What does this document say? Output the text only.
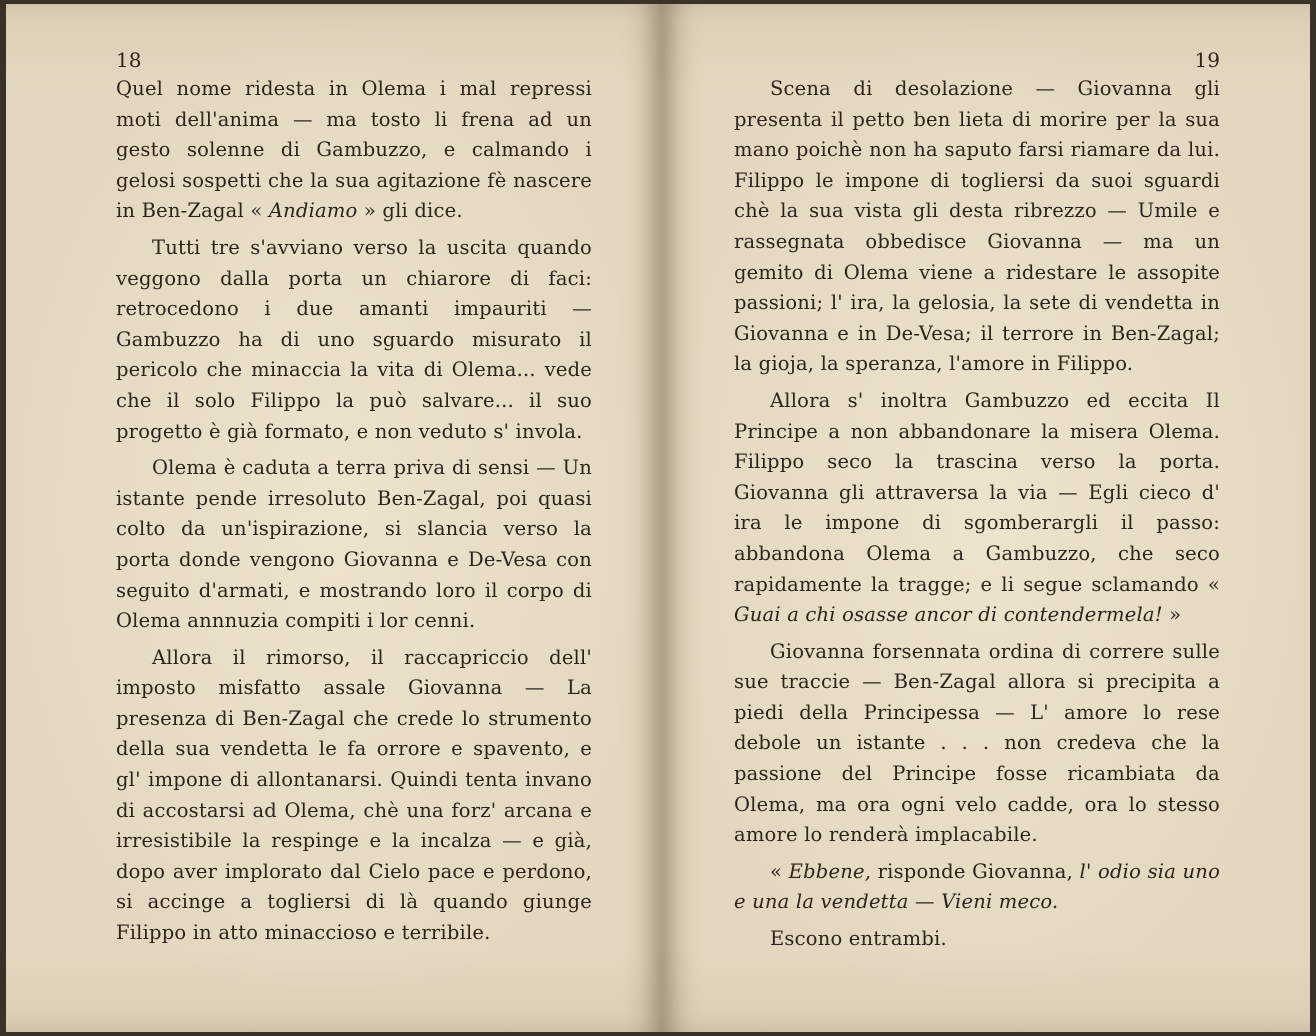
18

Quel nome ridesta in Olema i mal repressi moti dell'anima — ma tosto li frena ad un gesto solenne di Gambuzzo, e calmando i gelosi sospetti che la sua agitazione fè nascere in Ben-Zagal « Andiamo » gli dice.

Tutti tre s'avviano verso la uscita quando veggono dalla porta un chiarore di faci: retrocedono i due amanti impauriti — Gambuzzo ha di uno sguardo misurato il pericolo che minaccia la vita di Olema... vede che il solo Filippo la può salvare... il suo progetto è già formato, e non veduto s' invola.

Olema è caduta a terra priva di sensi — Un istante pende irresoluto Ben-Zagal, poi quasi colto da un'ispirazione, si slancia verso la porta donde vengono Giovanna e De-Vesa con seguito d'armati, e mostrando loro il corpo di Olema annnuzia compiti i lor cenni.

Allora il rimorso, il raccapriccio dell' imposto misfatto assale Giovanna — La presenza di Ben-Zagal che crede lo strumento della sua vendetta le fa orrore e spavento, e gl' impone di allontanarsi. Quindi tenta invano di accostarsi ad Olema, chè una forz' arcana e irresistibile la respinge e la incalza — e già, dopo aver implorato dal Cielo pace e perdono, si accinge a togliersi di là quando giunge Filippo in atto minaccioso e terribile.

19

Scena di desolazione — Giovanna gli presenta il petto ben lieta di morire per la sua mano poichè non ha saputo farsi riamare da lui. Filippo le impone di togliersi da suoi sguardi chè la sua vista gli desta ribrezzo — Umile e rassegnata obbedisce Giovanna — ma un gemito di Olema viene a ridestare le assopite passioni; l' ira, la gelosia, la sete di vendetta in Giovanna e in De-Vesa; il terrore in Ben-Zagal; la gioja, la speranza, l'amore in Filippo.

Allora s' inoltra Gambuzzo ed eccita Il Principe a non abbandonare la misera Olema. Filippo seco la trascina verso la porta. Giovanna gli attraversa la via — Egli cieco d' ira le impone di sgomberargli il passo: abbandona Olema a Gambuzzo, che seco rapidamente la tragge; e li segue sclamando « Guai a chi osasse ancor di contendermela! »

Giovanna forsennata ordina di correre sulle sue traccie — Ben-Zagal allora si precipita a piedi della Principessa — L' amore lo rese debole un istante . . . non credeva che la passione del Principe fosse ricambiata da Olema, ma ora ogni velo cadde, ora lo stesso amore lo renderà implacabile.

« Ebbene, risponde Giovanna, l' odio sia uno e una la vendetta — Vieni meco.

Escono entrambi.
